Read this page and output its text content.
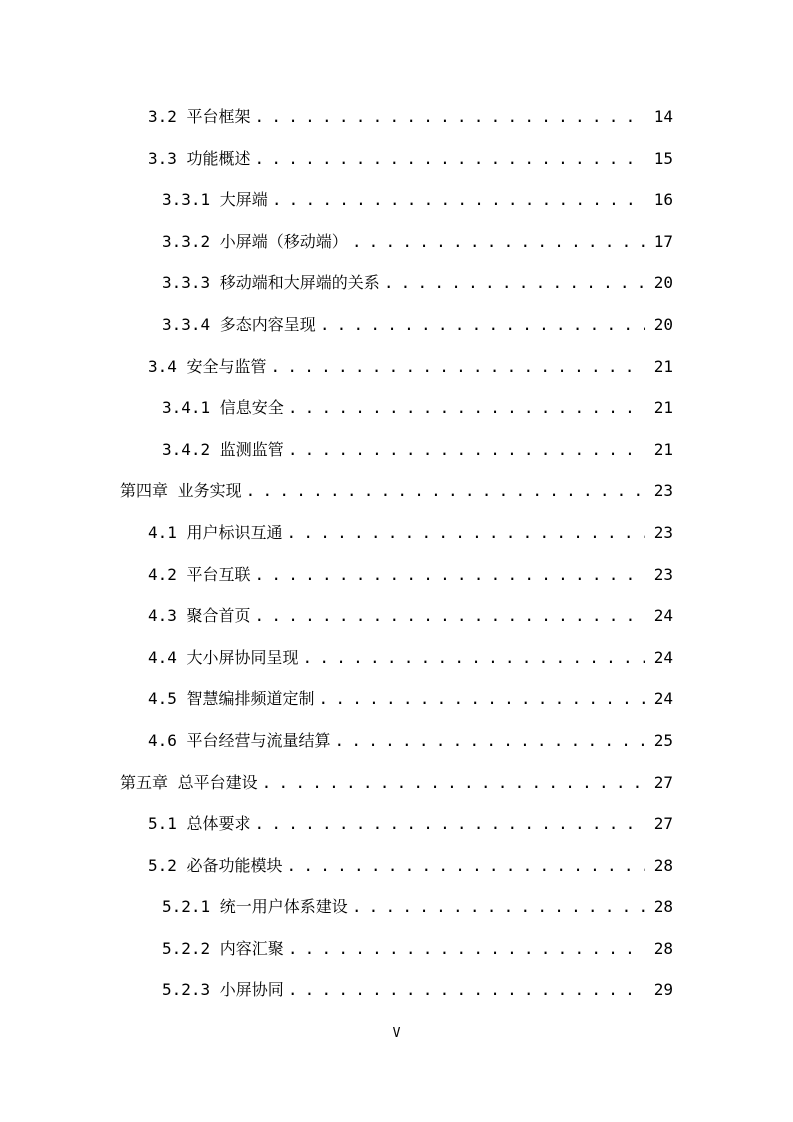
3.2 平台框架 . . .	14
3.3 功能概述 . . .	15
3.3.1 大屏端 . . .	16
3.3.2 小屏端（移动端） . . .	17
3.3.3 移动端和大屏端的关系 . . .	20
3.3.4 多态内容呈现 . . .	20
3.4 安全与监管 . . .	21
3.4.1 信息安全 . . .	21
3.4.2 监测监管 . . .	21
第四章 业务实现 . . .	23
4.1 用户标识互通 . . .	23
4.2 平台互联 . . .	23
4.3 聚合首页 . . .	24
4.4 大小屏协同呈现 . . .	24
4.5 智慧编排频道定制 . . .	24
4.6 平台经营与流量结算 . . .	25
第五章 总平台建设 . . .	27
5.1 总体要求 . . .	27
5.2 必备功能模块 . . .	28
5.2.1 统一用户体系建设 . . .	28
5.2.2 内容汇聚 . . .	28
5.2.3 小屏协同 . . .	29
V
